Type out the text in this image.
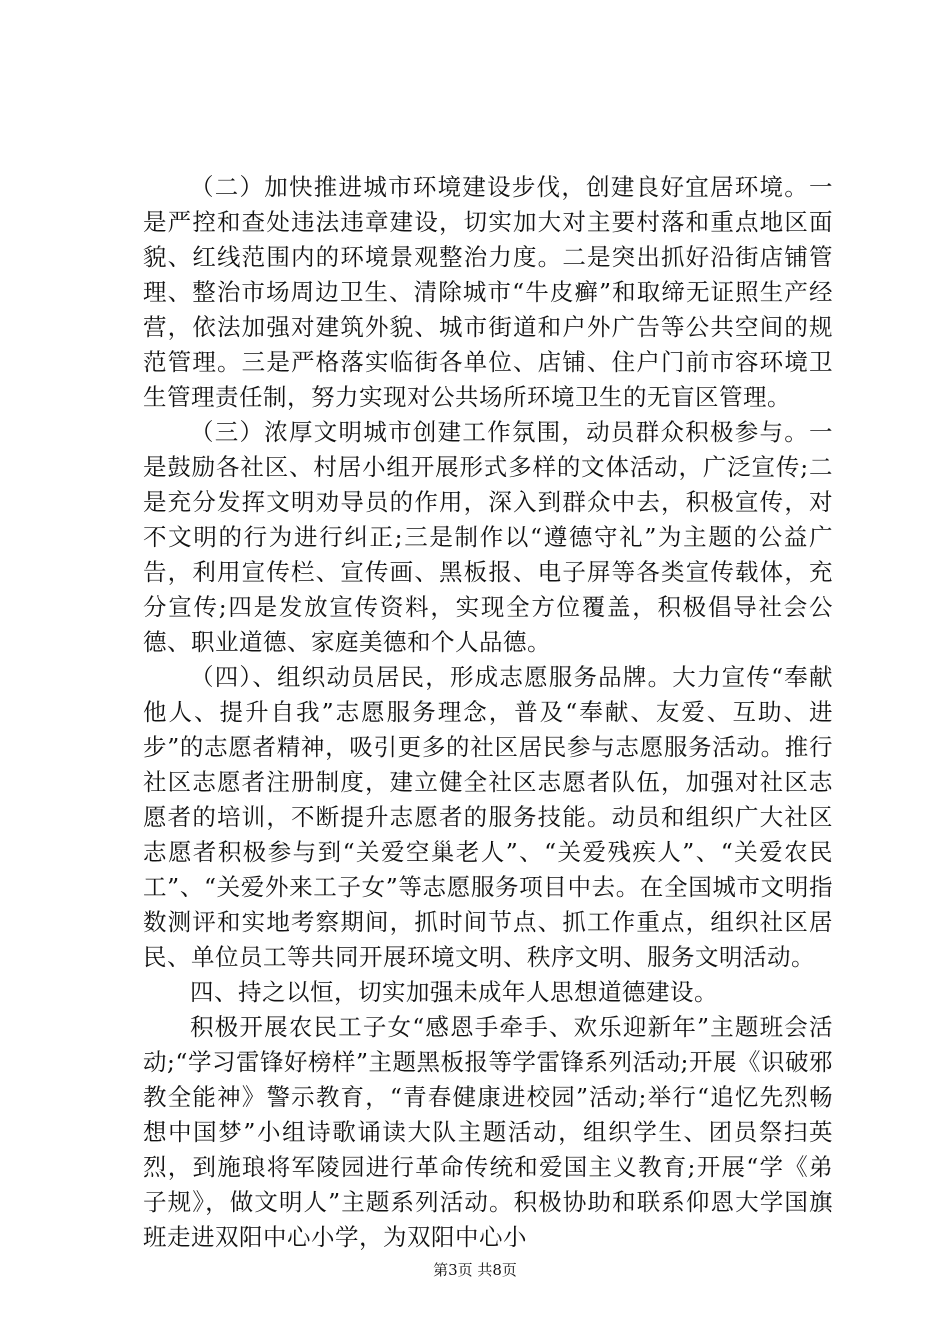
（二）加快推进城市环境建设步伐，创建良好宜居环境。一是严控和查处违法违章建设，切实加大对主要村落和重点地区面貌、红线范围内的环境景观整治力度。二是突出抓好沿街店铺管理、整治市场周边卫生、清除城市“牛皮癣”和取缔无证照生产经营，依法加强对建筑外貌、城市街道和户外广告等公共空间的规范管理。三是严格落实临街各单位、店铺、住户门前市容环境卫生管理责任制，努力实现对公共场所环境卫生的无盲区管理。

（三）浓厚文明城市创建工作氛围，动员群众积极参与。一是鼓励各社区、村居小组开展形式多样的文体活动，广泛宣传;二是充分发挥文明劝导员的作用，深入到群众中去，积极宣传，对不文明的行为进行纠正;三是制作以“遵德守礼”为主题的公益广告，利用宣传栏、宣传画、黑板报、电子屏等各类宣传载体，充分宣传;四是发放宣传资料，实现全方位覆盖，积极倡导社会公德、职业道德、家庭美德和个人品德。

（四）、组织动员居民，形成志愿服务品牌。大力宣传“奉献他人、提升自我”志愿服务理念，普及“奉献、友爱、互助、进步”的志愿者精神，吸引更多的社区居民参与志愿服务活动。推行社区志愿者注册制度，建立健全社区志愿者队伍，加强对社区志愿者的培训，不断提升志愿者的服务技能。动员和组织广大社区志愿者积极参与到“关爱空巢老人”、“关爱残疾人”、“关爱农民工”、“关爱外来工子女”等志愿服务项目中去。在全国城市文明指数测评和实地考察期间，抓时间节点、抓工作重点，组织社区居民、单位员工等共同开展环境文明、秩序文明、服务文明活动。

四、持之以恒，切实加强未成年人思想道德建设。

积极开展农民工子女“感恩手牵手、欢乐迎新年”主题班会活动;“学习雷锋好榜样”主题黑板报等学雷锋系列活动;开展《识破邪教全能神》警示教育，“青春健康进校园”活动;举行“追忆先烈畅想中国梦”小组诗歌诵读大队主题活动，组织学生、团员祭扫英烈，到施琅将军陵园进行革命传统和爱国主义教育;开展“学《弟子规》，做文明人”主题系列活动。积极协助和联系仰恩大学国旗班走进双阳中心小学，为双阳中心小

第3页 共8页
